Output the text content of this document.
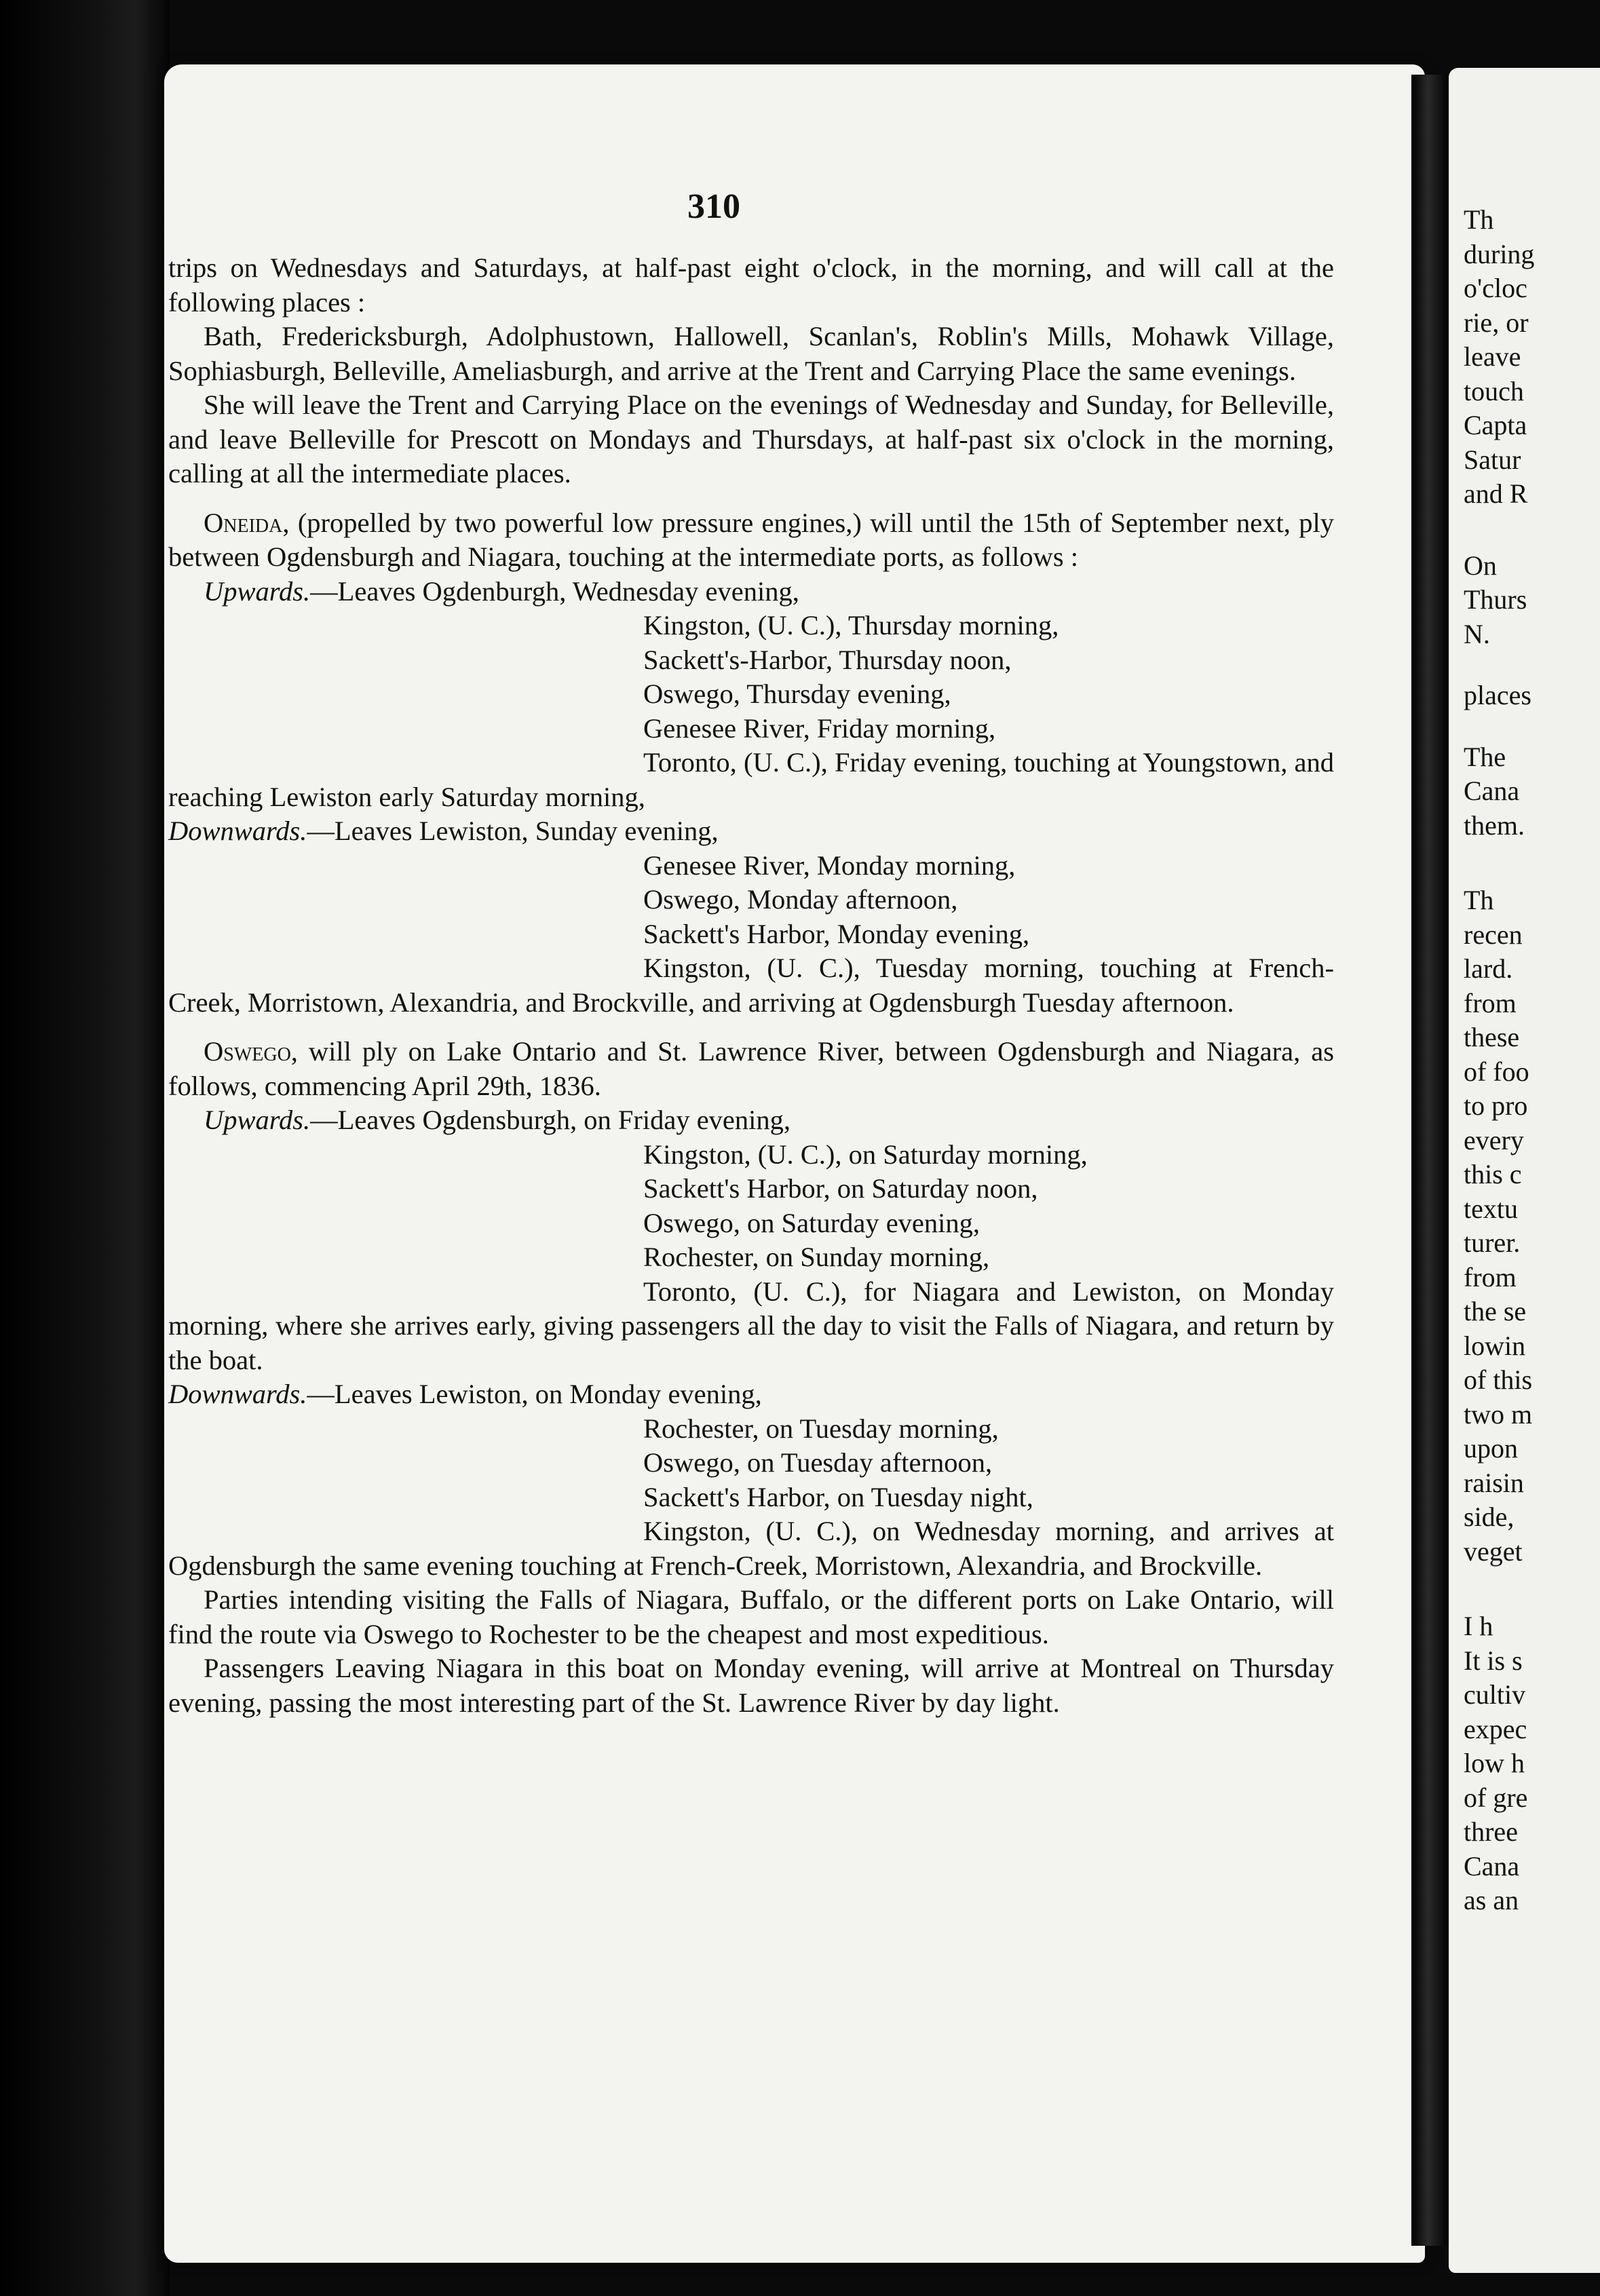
310

trips on Wednesdays and Saturdays, at half-past eight o'clock, in the morning, and will call at the following places :

Bath, Fredericksburgh, Adolphustown, Hallowell, Scanlan's, Roblin's Mills, Mohawk Village, Sophiasburgh, Belleville, Ameliasburgh, and arrive at the Trent and Carrying Place the same evenings.

She will leave the Trent and Carrying Place on the evenings of Wednesday and Sunday, for Belleville, and leave Belleville for Prescott on Mondays and Thursdays, at half-past six o'clock in the morning, calling at all the intermediate places.

Oneida, (propelled by two powerful low pressure engines,) will until the 15th of September next, ply between Ogdensburgh and Niagara, touching at the intermediate ports, as follows :

Upwards.—Leaves Ogdenburgh, Wednesday evening,

Kingston, (U. C.), Thursday morning,

Sackett's-Harbor, Thursday noon,

Oswego, Thursday evening,

Genesee River, Friday morning,

Toronto, (U. C.), Friday evening, touching at Youngstown, and reaching Lewiston early Saturday morning,

Downwards.—Leaves Lewiston, Sunday evening,

Genesee River, Monday morning,

Oswego, Monday afternoon,

Sackett's Harbor, Monday evening,

Kingston, (U. C.), Tuesday morning, touching at French-Creek, Morristown, Alexandria, and Brockville, and arriving at Ogdensburgh Tuesday afternoon.

Oswego, will ply on Lake Ontario and St. Lawrence River, between Ogdensburgh and Niagara, as follows, commencing April 29th, 1836.

Upwards.—Leaves Ogdensburgh, on Friday evening,

Kingston, (U. C.), on Saturday morning,

Sackett's Harbor, on Saturday noon,

Oswego, on Saturday evening,

Rochester, on Sunday morning,

Toronto, (U. C.), for Niagara and Lewiston, on Monday morning, where she arrives early, giving passengers all the day to visit the Falls of Niagara, and return by the boat.

Downwards.—Leaves Lewiston, on Monday evening,

Rochester, on Tuesday morning,

Oswego, on Tuesday afternoon,

Sackett's Harbor, on Tuesday night,

Kingston, (U. C.), on Wednesday morning, and arrives at Ogdensburgh the same evening touching at French-Creek, Morristown, Alexandria, and Brockville.

Parties intending visiting the Falls of Niagara, Buffalo, or the different ports on Lake Ontario, will find the route via Oswego to Rochester to be the cheapest and most expeditious.

Passengers Leaving Niagara in this boat on Monday evening, will arrive at Montreal on Thursday evening, passing the most interesting part of the St. Lawrence River by day light.

Th
during
o'cloc
rie, or
leave
touch
Capta
Satur
and R
On
Thurs
N.
places
The
Cana
them.
Th
recen
lard.
from
these
of foo
to pro
every
this c
textu
turer.
from
the se
lowin
of this
two m
upon
raisin
side,
veget
I h
It is s
cultiv
expec
low h
of gre
three
Cana
as an
